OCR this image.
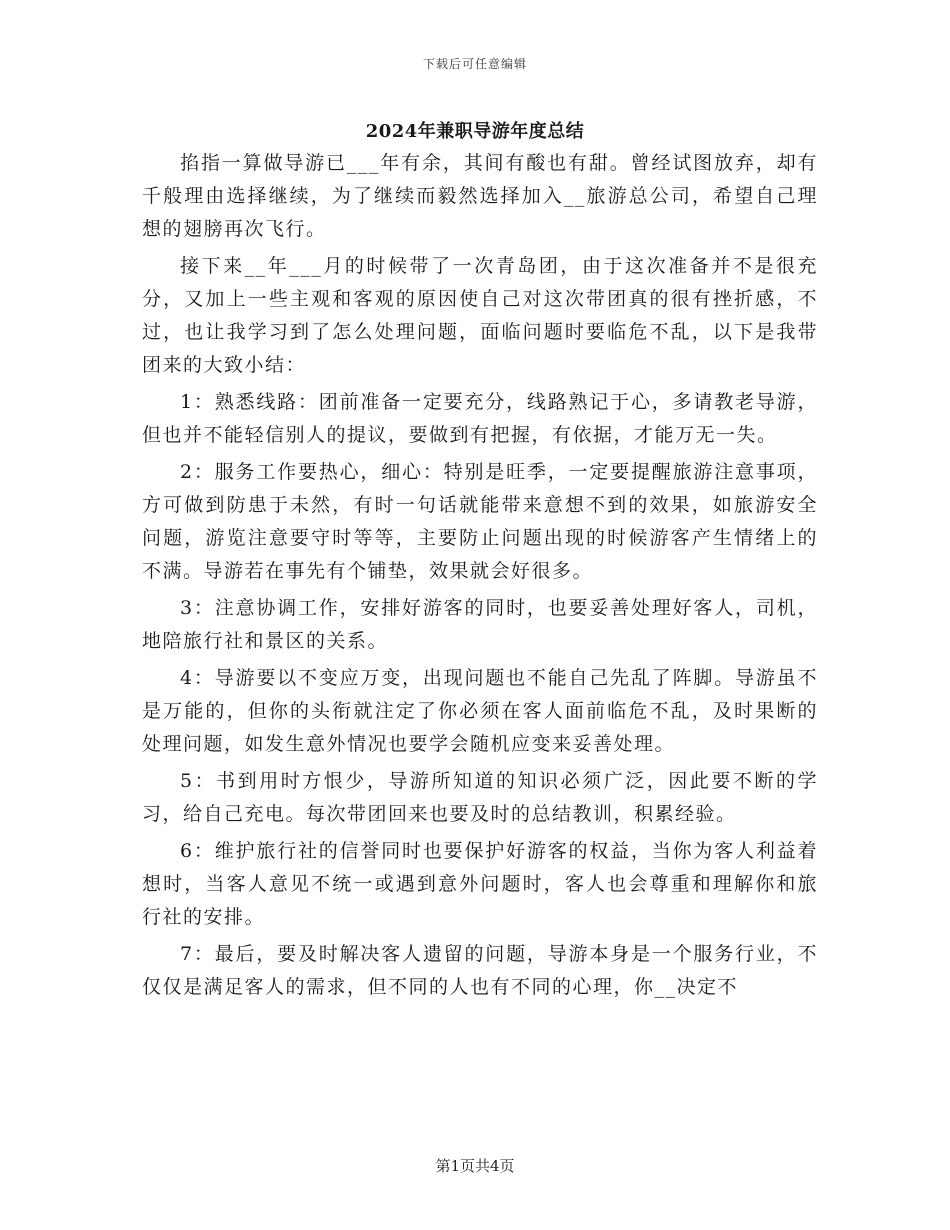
下载后可任意编辑
2024年兼职导游年度总结

掐指一算做导游已___年有余，其间有酸也有甜。曾经试图放弃，却有千般理由选择继续，为了继续而毅然选择加入__旅游总公司，希望自己理想的翅膀再次飞行。

接下来__年___月的时候带了一次青岛团，由于这次准备并不是很充分，又加上一些主观和客观的原因使自己对这次带团真的很有挫折感，不过，也让我学习到了怎么处理问题，面临问题时要临危不乱，以下是我带团来的大致小结：

1：熟悉线路：团前准备一定要充分，线路熟记于心，多请教老导游，但也并不能轻信别人的提议，要做到有把握，有依据，才能万无一失。

2：服务工作要热心，细心：特别是旺季，一定要提醒旅游注意事项，方可做到防患于未然，有时一句话就能带来意想不到的效果，如旅游安全问题，游览注意要守时等等，主要防止问题出现的时候游客产生情绪上的不满。导游若在事先有个铺垫，效果就会好很多。

3：注意协调工作，安排好游客的同时，也要妥善处理好客人，司机，地陪旅行社和景区的关系。

4：导游要以不变应万变，出现问题也不能自己先乱了阵脚。导游虽不是万能的，但你的头衔就注定了你必须在客人面前临危不乱，及时果断的处理问题，如发生意外情况也要学会随机应变来妥善处理。

5：书到用时方恨少，导游所知道的知识必须广泛，因此要不断的学习，给自己充电。每次带团回来也要及时的总结教训，积累经验。

6：维护旅行社的信誉同时也要保护好游客的权益，当你为客人利益着想时，当客人意见不统一或遇到意外问题时，客人也会尊重和理解你和旅行社的安排。

7：最后，要及时解决客人遗留的问题，导游本身是一个服务行业，不仅仅是满足客人的需求，但不同的人也有不同的心理，你__决定不

第1页共4页
